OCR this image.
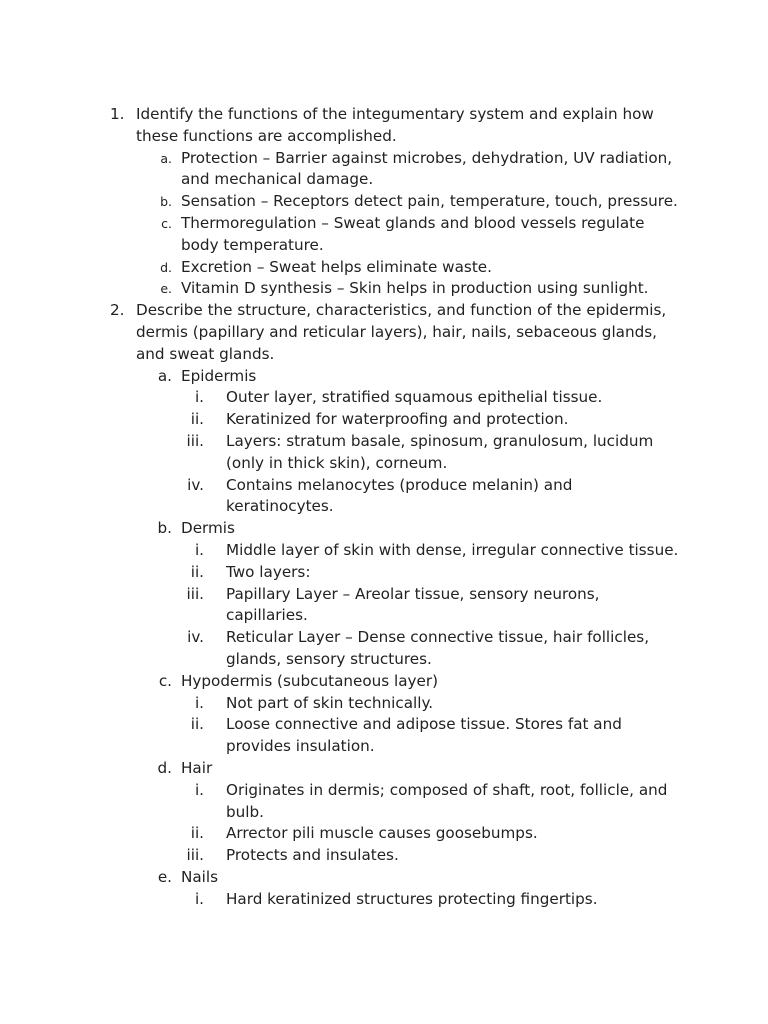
1. Identify the functions of the integumentary system and explain how these functions are accomplished.
a. Protection – Barrier against microbes, dehydration, UV radiation, and mechanical damage.
b. Sensation – Receptors detect pain, temperature, touch, pressure.
c. Thermoregulation – Sweat glands and blood vessels regulate body temperature.
d. Excretion – Sweat helps eliminate waste.
e. Vitamin D synthesis – Skin helps in production using sunlight.
2. Describe the structure, characteristics, and function of the epidermis, dermis (papillary and reticular layers), hair, nails, sebaceous glands, and sweat glands.
a. Epidermis
i. Outer layer, stratified squamous epithelial tissue.
ii. Keratinized for waterproofing and protection.
iii. Layers: stratum basale, spinosum, granulosum, lucidum (only in thick skin), corneum.
iv. Contains melanocytes (produce melanin) and keratinocytes.
b. Dermis
i. Middle layer of skin with dense, irregular connective tissue.
ii. Two layers:
iii. Papillary Layer – Areolar tissue, sensory neurons, capillaries.
iv. Reticular Layer – Dense connective tissue, hair follicles, glands, sensory structures.
c. Hypodermis (subcutaneous layer)
i. Not part of skin technically.
ii. Loose connective and adipose tissue. Stores fat and provides insulation.
d. Hair
i. Originates in dermis; composed of shaft, root, follicle, and bulb.
ii. Arrector pili muscle causes goosebumps.
iii. Protects and insulates.
e. Nails
i. Hard keratinized structures protecting fingertips.
